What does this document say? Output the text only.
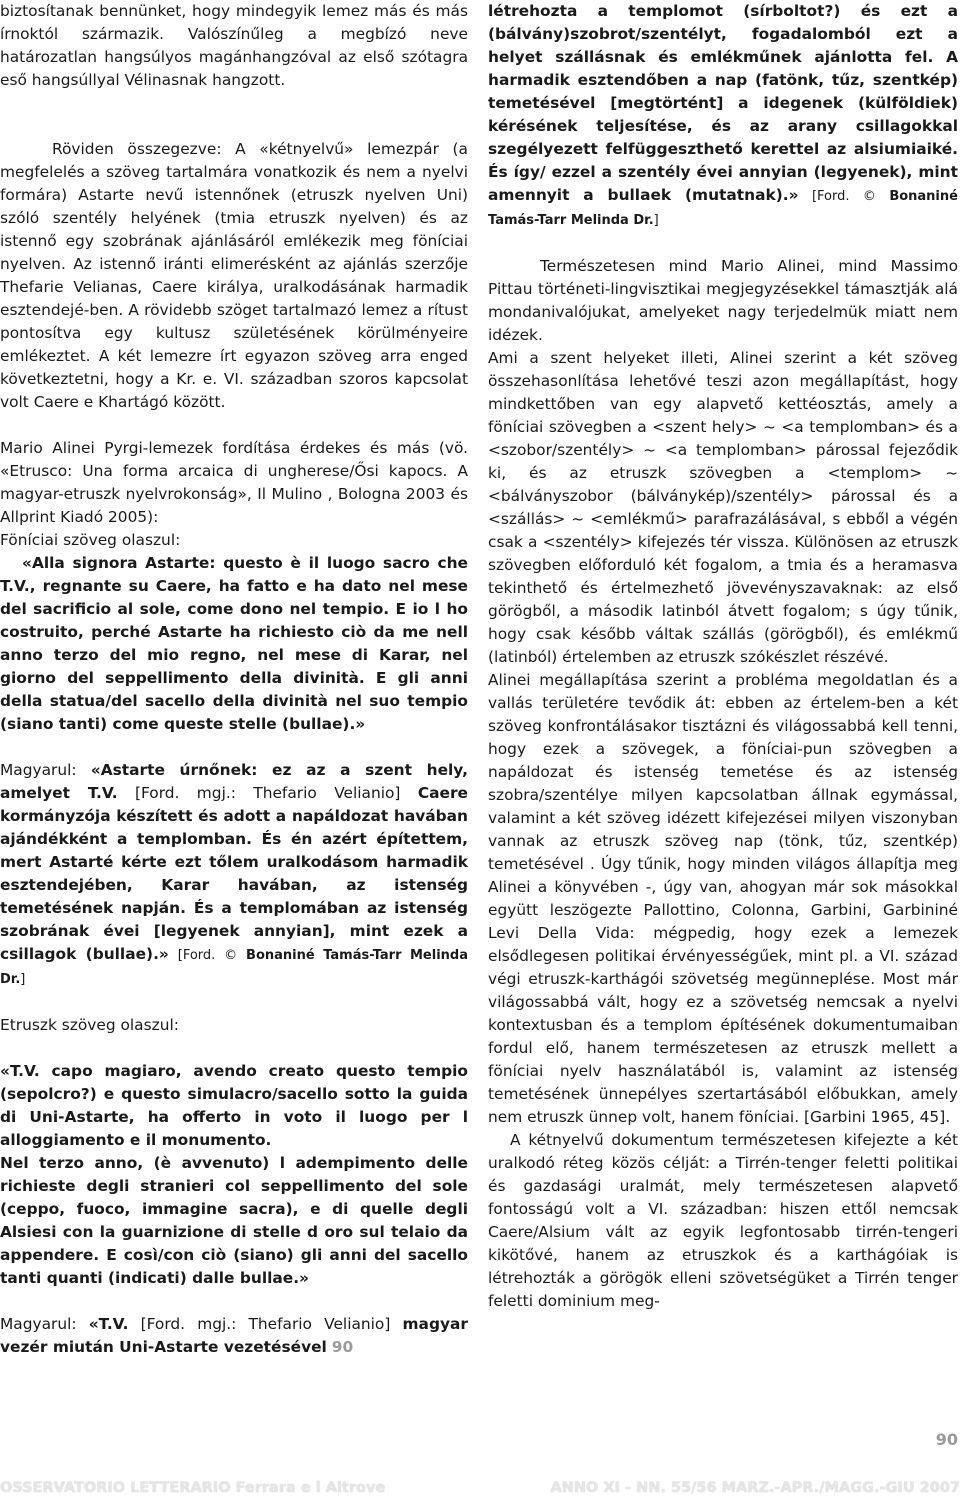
biztosítanak bennünket, hogy mindegyik lemez más és más írnoktól származik. Valószínűleg a megbízó neve határozatlan hangsúlyos magánhangzóval az első szótagra eső hangsúllyal Vélinasnak hangzott.

Röviden összegezve: A «kétnyelvű» lemezpár (a megfelelés a szöveg tartalmára vonatkozik és nem a nyelvi formára) Astarte nevű istennőnek (etruszk nyelven Uni) szóló szentély helyének (tmia etruszk nyelven) és az istennő egy szobrának ajánlásáról emlékezik meg föníciai nyelven. Az istennő iránti elimerésként az ajánlás szerzője Thefarie Velianas, Caere királya, uralkodásának harmadik esztendejé-ben. A rövidebb szöget tartalmazó lemez a rítust pontosítva egy kultusz születésének körülményeire emlékeztet. A két lemezre írt egyazon szöveg arra enged következtetni, hogy a Kr. e. VI. században szoros kapcsolat volt Caere e Khartágó között.

Mario Alinei Pyrgi-lemezek fordítása érdekes és más (vö. «Etrusco: Una forma arcaica di ungherese/Ősi kapocs. A magyar-etruszk nyelvrokonság», Il Mulino , Bologna 2003 és Allprint Kiadó 2005):

Föníciai szöveg olaszul:

«Alla signora Astarte: questo è il luogo sacro che T.V., regnante su Caere, ha fatto e ha dato nel mese del sacrificio al sole, come dono nel tempio. E io l ho costruito, perché Astarte ha richiesto ciò da me nell anno terzo del mio regno, nel mese di Karar, nel giorno del seppellimento della divinità. E gli anni della statua/del sacello della divinità nel suo tempio (siano tanti) come queste stelle (bullae).»

Magyarul: «Astarte úrnőnek: ez az a szent hely, amelyet T.V. [Ford. mgj.: Thefario Velianio] Caere kormányzója készített és adott a napáldozat havában ajándékként a templomban. És én azért építettem, mert Astarté kérte ezt tőlem uralkodásom harmadik esztendejében, Karar havában, az istenség temetésének napján. És a templomában az istenség szobrának évei [legyenek annyian], mint ezek a csillagok (bullae).» [Ford. © Bonaniné Tamás-Tarr Melinda Dr.]

Etruszk szöveg olaszul:

«T.V. capo magiaro, avendo creato questo tempio (sepolcro?) e questo simulacro/sacello sotto la guida di Uni-Astarte, ha offerto in voto il luogo per l alloggiamento e il monumento.

Nel terzo anno, (è avvenuto) l adempimento delle richieste degli stranieri col seppellimento del sole (ceppo, fuoco, immagine sacra), e di quelle degli Alsiesi con la guarnizione di stelle d oro sul telaio da appendere. E così/con ciò (siano) gli anni del sacello tanti quanti (indicati) dalle bullae.»

Magyarul: «T.V. [Ford. mgj.: Thefario Velianio] magyar vezér miután Uni-Astarte vezetésével 90

létrehozta a templomot (sírboltot?) és ezt a (bálvány)szobrot/szentélyt, fogadalomból ezt a helyet szállásnak és emlékműnek ajánlotta fel. A harmadik esztendőben a nap (fatönk, tűz, szentkép) temetésével [megtörtént] a idegenek (külföldiek) kérésének teljesítése, és az arany csillagokkal szegélyezett felfüggeszthető kerettel az alsiumiaiké. És így/ ezzel a szentély évei annyian (legyenek), mint amennyit a bullaek (mutatnak).» [Ford. © Bonaniné Tamás-Tarr Melinda Dr.]

Természetesen mind Mario Alinei, mind Massimo Pittau történeti-lingvisztikai megjegyzésekkel támasztják alá mondanivalójukat, amelyeket nagy terjedelmük miatt nem idézek.

Ami a szent helyeket illeti, Alinei szerint a két szöveg összehasonlítása lehetővé teszi azon megállapítást, hogy mindkettőben van egy alapvető kettéosztás, amely a föníciai szövegben a <szent hely> ~ <a templomban> és a <szobor/szentély> ~ <a templomban> párossal fejeződik ki, és az etruszk szövegben a <templom> ~ <bálványszobor (bálványkép)/szentély> párossal és a <szállás> ~ <emlékmű> parafrazálásával, s ebből a végén csak a <szentély> kifejezés tér vissza. Különösen az etruszk szövegben előforduló két fogalom, a tmia és a heramasva tekinthető és értelmezhető jövevényszavaknak: az első görögből, a második latinból átvett fogalom; s úgy tűnik, hogy csak később váltak szállás (görögből), és emlékmű (latinból) értelemben az etruszk szókészlet részévé.

Alinei megállapítása szerint a probléma megoldatlan és a vallás területére tevődik át: ebben az értelem-ben a két szöveg konfrontálásakor tisztázni és világossabbá kell tenni, hogy ezek a szövegek, a föníciai-pun szövegben a napáldozat és istenség temetése és az istenség szobra/szentélye milyen kapcsolatban állnak egymással, valamint a két szöveg idézett kifejezései milyen viszonyban vannak az etruszk szöveg nap (tönk, tűz, szentkép) temetésével . Úgy tűnik, hogy minden világos állapítja meg Alinei a könyvében -, úgy van, ahogyan már sok másokkal együtt leszögezte Pallottino, Colonna, Garbini, Garbininé Levi Della Vida: mégpedig, hogy ezek a lemezek elsődlegesen politikai érvényességűek, mint pl. a VI. század végi etruszk-karthágói szövetség megünneplése. Most már világossabbá vált, hogy ez a szövetség nemcsak a nyelvi kontextusban és a templom építésének dokumentumaiban fordul elő, hanem természetesen az etruszk mellett a föníciai nyelv használatából is, valamint az istenség temetésének ünnepélyes szertartásából előbukkan, amely nem etruszk ünnep volt, hanem föníciai. [Garbini 1965, 45].

A kétnyelvű dokumentum természetesen kifejezte a két uralkodó réteg közös célját: a Tirrén-tenger feletti politikai és gazdasági uralmát, mely természetesen alapvető fontosságú volt a VI. században: hiszen ettől nemcsak Caere/Alsium vált az egyik legfontosabb tirrén-tengeri kikötővé, hanem az etruszkok és a karthágóiak is létrehozták a görögök elleni szövetségüket a Tirrén tenger feletti dominium meg-

90
OSSERVATORIO LETTERARIO Ferrara e l Altrove	ANNO XI - NN. 55/56 MARZ.-APR./MAGG.-GIU 2007
